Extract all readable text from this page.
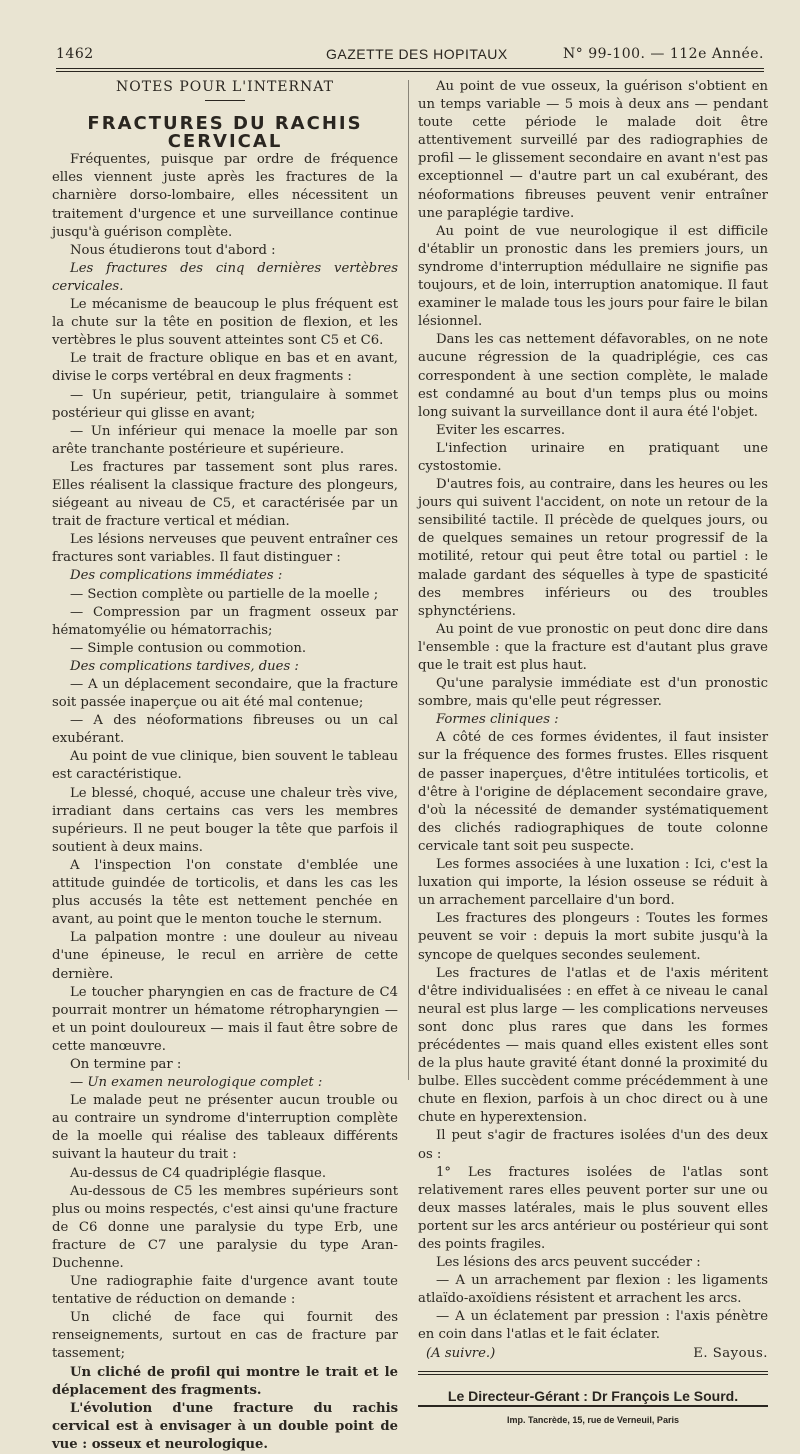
1462	GAZETTE DES HOPITAUX	N° 99-100. — 112e Année.

NOTES POUR L'INTERNAT

FRACTURES DU RACHIS CERVICAL

Fréquentes, puisque par ordre de fréquence elles viennent juste après les fractures de la charnière dorso-lombaire, elles nécessitent un traitement d'urgence et une surveillance continue jusqu'à guérison complète.

Nous étudierons tout d'abord :

Les fractures des cinq dernières vertèbres cervicales.

Le mécanisme de beaucoup le plus fréquent est la chute sur la tête en position de flexion, et les vertèbres le plus souvent atteintes sont C5 et C6.

Le trait de fracture oblique en bas et en avant, divise le corps vertébral en deux fragments :

— Un supérieur, petit, triangulaire à sommet postérieur qui glisse en avant;

— Un inférieur qui menace la moelle par son arête tranchante postérieure et supérieure.

Les fractures par tassement sont plus rares. Elles réalisent la classique fracture des plongeurs, siégeant au niveau de C5, et caractérisée par un trait de fracture vertical et médian.

Les lésions nerveuses que peuvent entraîner ces fractures sont variables. Il faut distinguer :

Des complications immédiates :

— Section complète ou partielle de la moelle ;

— Compression par un fragment osseux par hématomyélie ou hématorrachis;

— Simple contusion ou commotion.

Des complications tardives, dues :

— A un déplacement secondaire, que la fracture soit passée inaperçue ou ait été mal contenue;

— A des néoformations fibreuses ou un cal exubérant.

Au point de vue clinique, bien souvent le tableau est caractéristique.

Le blessé, choqué, accuse une chaleur très vive, irradiant dans certains cas vers les membres supérieurs. Il ne peut bouger la tête que parfois il soutient à deux mains.

A l'inspection l'on constate d'emblée une attitude guindée de torticolis, et dans les cas les plus accusés la tête est nettement penchée en avant, au point que le menton touche le sternum.

La palpation montre : une douleur au niveau d'une épineuse, le recul en arrière de cette dernière.

Le toucher pharyngien en cas de fracture de C4 pourrait montrer un hématome rétropharyngien — et un point douloureux — mais il faut être sobre de cette manœuvre.

On termine par :

— Un examen neurologique complet :

Le malade peut ne présenter aucun trouble ou au contraire un syndrome d'interruption complète de la moelle qui réalise des tableaux différents suivant la hauteur du trait :

Au-dessus de C4 quadriplégie flasque.

Au-dessous de C5 les membres supérieurs sont plus ou moins respectés, c'est ainsi qu'une fracture de C6 donne une paralysie du type Erb, une fracture de C7 une paralysie du type Aran-Duchenne.

Une radiographie faite d'urgence avant toute tentative de réduction on demande :

Un cliché de face qui fournit des renseignements, surtout en cas de fracture par tassement;

Un cliché de profil qui montre le trait et le déplacement des fragments.

L'évolution d'une fracture du rachis cervical est à envisager à un double point de vue : osseux et neurologique.

Au point de vue osseux, la guérison s'obtient en un temps variable — 5 mois à deux ans — pendant toute cette période le malade doit être attentivement surveillé par des radiographies de profil — le glissement secondaire en avant n'est pas exceptionnel — d'autre part un cal exubérant, des néoformations fibreuses peuvent venir entraîner une paraplégie tardive.

Au point de vue neurologique il est difficile d'établir un pronostic dans les premiers jours, un syndrome d'interruption médullaire ne signifie pas toujours, et de loin, interruption anatomique. Il faut examiner le malade tous les jours pour faire le bilan lésionnel.

Dans les cas nettement défavorables, on ne note aucune régression de la quadriplégie, ces cas correspondent à une section complète, le malade est condamné au bout d'un temps plus ou moins long suivant la surveillance dont il aura été l'objet.

Eviter les escarres.

L'infection urinaire en pratiquant une cystostomie.

D'autres fois, au contraire, dans les heures ou les jours qui suivent l'accident, on note un retour de la sensibilité tactile. Il précède de quelques jours, ou de quelques semaines un retour progressif de la motilité, retour qui peut être total ou partiel : le malade gardant des séquelles à type de spasticité des membres inférieurs ou des troubles sphynctériens.

Au point de vue pronostic on peut donc dire dans l'ensemble : que la fracture est d'autant plus grave que le trait est plus haut.

Qu'une paralysie immédiate est d'un pronostic sombre, mais qu'elle peut régresser.

Formes cliniques :

A côté de ces formes évidentes, il faut insister sur la fréquence des formes frustes. Elles risquent de passer inaperçues, d'être intitulées torticolis, et d'être à l'origine de déplacement secondaire grave, d'où la nécessité de demander systématiquement des clichés radiographiques de toute colonne cervicale tant soit peu suspecte.

Les formes associées à une luxation : Ici, c'est la luxation qui importe, la lésion osseuse se réduit à un arrachement parcellaire d'un bord.

Les fractures des plongeurs : Toutes les formes peuvent se voir : depuis la mort subite jusqu'à la syncope de quelques secondes seulement.

Les fractures de l'atlas et de l'axis méritent d'être individualisées : en effet à ce niveau le canal neural est plus large — les complications nerveuses sont donc plus rares que dans les formes précédentes — mais quand elles existent elles sont de la plus haute gravité étant donné la proximité du bulbe. Elles succèdent comme précédemment à une chute en flexion, parfois à un choc direct ou à une chute en hyperextension.

Il peut s'agir de fractures isolées d'un des deux os :

1° Les fractures isolées de l'atlas sont relativement rares elles peuvent porter sur une ou deux masses latérales, mais le plus souvent elles portent sur les arcs antérieur ou postérieur qui sont des points fragiles.

Les lésions des arcs peuvent succéder :

— A un arrachement par flexion : les ligaments atlaïdo-axoïdiens résistent et arrachent les arcs.

— A un éclatement par pression : l'axis pénètre en coin dans l'atlas et le fait éclater.

(A suivre.)	E. Sayous.

Le Directeur-Gérant : Dr François Le Sourd.

Imp. Tancrède, 15, rue de Verneuil, Paris
